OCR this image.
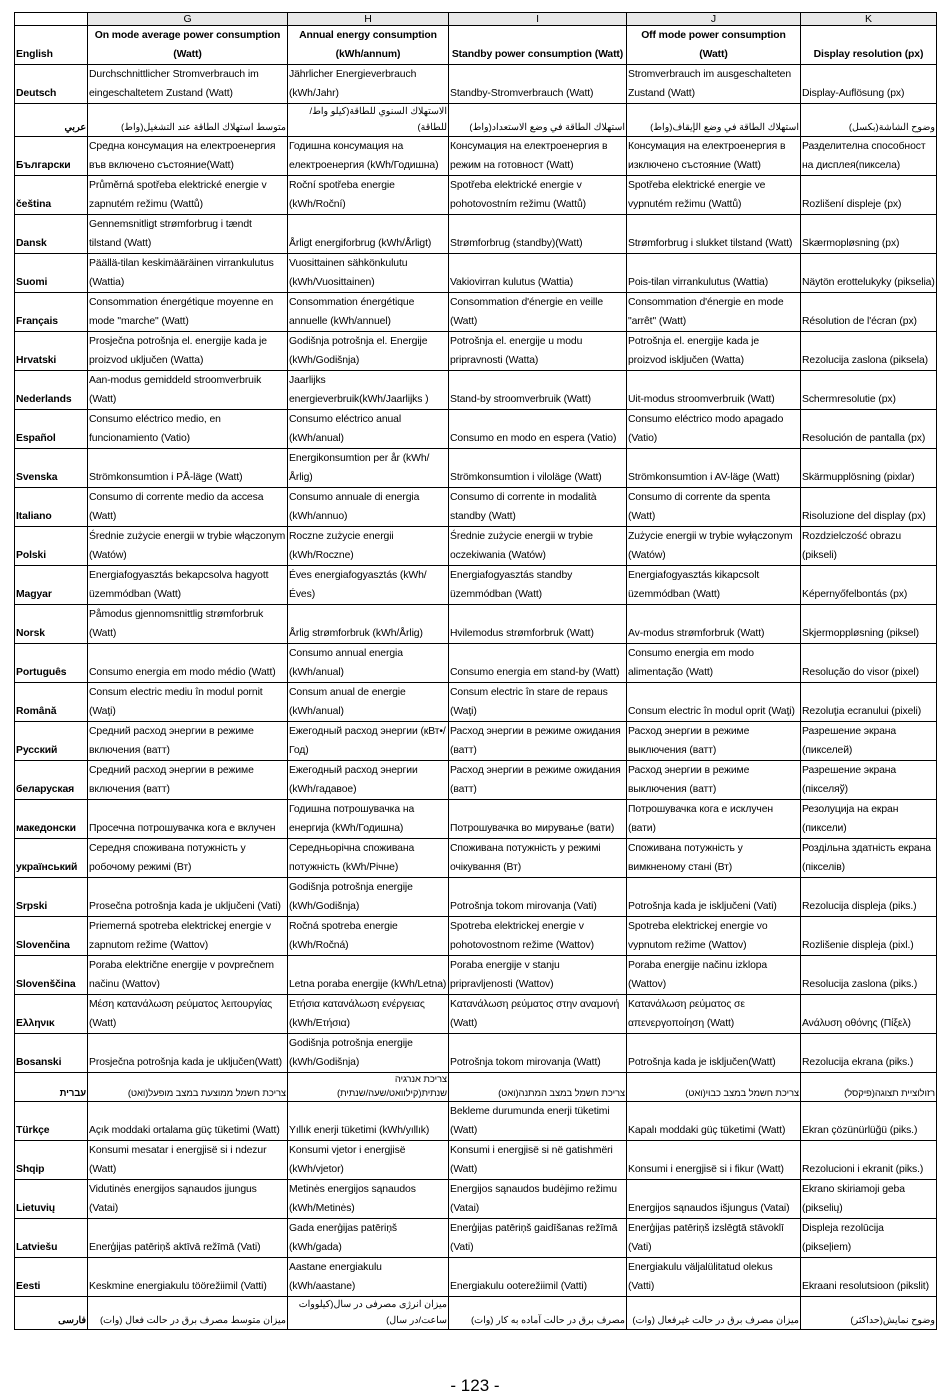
	G	H	I	J	K
English	On mode average power consumption (Watt)	Annual energy consumption (kWh/annum)	Standby power consumption (Watt)	Off mode power consumption (Watt)	Display resolution (px)
Deutsch	Durchschnittlicher Stromverbrauch im eingeschaltetem Zustand (Watt)	Jährlicher Energieverbrauch (kWh/Jahr)	Standby-Stromverbrauch (Watt)	Stromverbrauch im ausgeschalteten Zustand (Watt)	Display-Auflösung (px)
عربي	متوسط استهلاك الطاقة عند التشغيل(واط)	الاستهلاك السنوي للطاقة(كيلو واط/للطاقة)	استهلاك الطاقة في وضع الاستعداد(واط)	استهلاك الطاقة في وضع الإيقاف(واط)	وضوح الشاشة(بكسل)
Български	Средна консумация на електроенергия във включено състояние(Watt)	Годишна консумация на електроенергия (kWh/Годишна)	Консумация на електроенергия в режим на готовност (Watt)	Консумация на електроенергия в изключено състояние (Watt)	Разделителна способност на дисплея(пиксела)
čeština	Průměrná spotřeba elektrické energie v zapnutém režimu (Wattů)	Roční spotřeba energie (kWh/Roční)	Spotřeba elektrické energie v pohotovostním režimu (Wattů)	Spotřeba elektrické energie ve vypnutém režimu (Wattů)	Rozlišení displeje (px)
Dansk	Gennemsnitligt strømforbrug i tændt tilstand (Watt)	Årligt energiforbrug (kWh/Årligt)	Strømforbrug (standby)(Watt)	Strømforbrug i slukket tilstand (Watt)	Skærmopløsning (px)
Suomi	Päällä-tilan keskimääräinen virrankulutus (Wattia)	Vuosittainen sähkönkulutu (kWh/Vuosittainen)	Vakiovirran kulutus (Wattia)	Pois-tilan virrankulutus (Wattia)	Näytön erottelukyky (pikselia)
Français	Consommation énergétique moyenne en mode "marche" (Watt)	Consommation énergétique annuelle (kWh/annuel)	Consommation d'énergie en veille (Watt)	Consommation d'énergie en mode "arrêt" (Watt)	Résolution de l'écran (px)
Hrvatski	Prosječna potrošnja el. energije kada je proizvod uključen (Watta)	Godišnja potrošnja el. Energije (kWh/Godišnja)	Potrošnja el. energije u modu pripravnosti (Watta)	Potrošnja el. energije kada je proizvod isključen (Watta)	Rezolucija zaslona (piksela)
Nederlands	Aan-modus gemiddeld stroomverbruik (Watt)	Jaarlijks energieverbruik(kWh/Jaarlijks )	Stand-by stroomverbruik (Watt)	Uit-modus stroomverbruik (Watt)	Schermresolutie (px)
Español	Consumo eléctrico medio, en funcionamiento (Vatio)	Consumo eléctrico anual (kWh/anual)	Consumo en modo en espera (Vatio)	Consumo eléctrico modo apagado (Vatio)	Resolución de pantalla (px)
Svenska	Strömkonsumtion i PÅ-läge (Watt)	Energikonsumtion per år (kWh/Årlig)	Strömkonsumtion i viloläge (Watt)	Strömkonsumtion i AV-läge (Watt)	Skärmupplösning (pixlar)
Italiano	Consumo di corrente medio da accesa (Watt)	Consumo annuale di energia (kWh/annuo)	Consumo di corrente in modalità standby (Watt)	Consumo di corrente da spenta (Watt)	Risoluzione del display (px)
Polski	Średnie zużycie energii w trybie włączonym (Watów)	Roczne zużycie energii (kWh/Roczne)	Średnie zużycie energii w trybie oczekiwania (Watów)	Zużycie energii w trybie wyłączonym (Watów)	Rozdzielczość obrazu (pikseli)
Magyar	Energiafogyasztás bekapcsolva hagyott üzemmódban (Watt)	Éves energiafogyasztás (kWh/Éves)	Energiafogyasztás standby üzemmódban (Watt)	Energiafogyasztás kikapcsolt üzemmódban (Watt)	Képernyőfelbontás (px)
Norsk	Påmodus gjennomsnittlig strømforbruk (Watt)	Årlig strømforbruk (kWh/Årlig)	Hvilemodus strømforbruk (Watt)	Av-modus strømforbruk (Watt)	Skjermoppløsning (piksel)
Português	Consumo energia em modo médio (Watt)	Consumo annual energia (kWh/anual)	Consumo energia em stand-by (Watt)	Consumo energia em modo alimentação (Watt)	Resolução do visor (pixel)
Română	Consum electric mediu în modul pornit (Waţi)	Consum anual de energie (kWh/anual)	Consum electric în stare de repaus (Waţi)	Consum electric în modul oprit (Waţi)	Rezoluţia ecranului (pixeli)
Русский	Средний расход энергии в режиме включения (ватт)	Ежегодный расход энергии (кВт•/Год)	Расход энергии в режиме ожидания (ватт)	Расход энергии в режиме выключения (ватт)	Разрешение экрана (пикселей)
беларуская	Средний расход энергии в режиме включения (ватт)	Ежегодный расход энергии (kWh/гадавое)	Расход энергии в режиме ожидания (ватт)	Расход энергии в режиме выключения (ватт)	Разрешение экрана (пікселяў)
македонски	Просечна потрошувачка кога е вклучен	Годишна потрошувачка на енергија (kWh/Годишна)	Потрошувачка во мирување (вати)	Потрошувачка кога е исклучен (вати)	Резолуција на екран (пиксели)
український	Середня споживана потужність у робочому режимі (Вт)	Середньорічна споживана потужність (kWh/Річне)	Споживана потужність у режимі очікування (Вт)	Споживана потужність у вимкненому стані (Вт)	Роздільна здатність екрана (пікселів)
Srpski	Prosečna potrošnja kada je uključeni (Vati)	Godišnja potrošnja energije (kWh/Godišnja)	Potrošnja tokom mirovanja (Vati)	Potrošnja kada je isključeni (Vati)	Rezolucija displeja (piks.)
Slovenčina	Priemerná spotreba elektrickej energie v zapnutom režime (Wattov)	Ročná spotreba energie (kWh/Ročná)	Spotreba elektrickej energie v pohotovostnom režime (Wattov)	Spotreba elektrickej energie vo vypnutom režime (Wattov)	Rozlišenie displeja (pixl.)
Slovenščina	Poraba električne energije v povprečnem načinu (Wattov)	Letna poraba energije (kWh/Letna)	Poraba energije v stanju pripravljenosti (Wattov)	Poraba energije načinu izklopa (Wattov)	Resolucija zaslona (piks.)
Ελληνικ	Μέση κατανάλωση ρεύματος λειτουργίας (Watt)	Ετήσια κατανάλωση ενέργειας (kWh/Ετήσια)	Κατανάλωση ρεύματος στην αναμονή (Watt)	Κατανάλωση ρεύματος σε απενεργοποίηση (Watt)	Ανάλυση οθόνης (Πίξελ)
Bosanski	Prosječna potrošnja kada je uključen(Watt)	Godišnja potrošnja energije (kWh/Godišnja)	Potrošnja tokom mirovanja (Watt)	Potrošnja kada je isključen(Watt)	Rezolucija ekrana (piks.)
עברית	צריכת חשמל ממוצעת במצב מופעל(ואט)	צריכת אנרגיה שנתית(קילוואט/שעה/שנתית)	צריכת חשמל במצב המתנה(ואט)	צריכת חשמל במצב כבוי(ואט)	רזולוציית תצוגה(פיקסל)
Türkçe	Açık moddaki ortalama güç tüketimi (Watt)	Yıllık enerji tüketimi (kWh/yıllık)	Bekleme durumunda enerji tüketimi (Watt)	Kapalı moddaki güç tüketimi (Watt)	Ekran çözünürlüğü (piks.)
Shqip	Konsumi mesatar i energjisë si i ndezur (Watt)	Konsumi vjetor i energjisë (kWh/vjetor)	Konsumi i energjisë si në gatishmëri (Watt)	Konsumi i energjisë si i fikur (Watt)	Rezolucioni i ekranit (piks.)
Lietuvių	Vidutinės energijos sąnaudos įjungus (Vatai)	Metinės energijos sąnaudos (kWh/Metinės)	Energijos sąnaudos budėjimo režimu (Vatai)	Energijos sąnaudos išjungus (Vatai)	Ekrano skiriamoji geba (pikselių)
Latviešu	Enerģijas patēriņš aktīvā režīmā (Vati)	Gada enerģijas patēriņš (kWh/gada)	Enerģijas patēriņš gaidīšanas režīmā (Vati)	Enerģijas patēriņš izslēgtā stāvoklī (Vati)	Displeja rezolūcija (pikseļiem)
Eesti	Keskmine energiakulu töörežiimil (Vatti)	Aastane energiakulu (kWh/aastane)	Energiakulu ooterežiimil (Vatti)	Energiakulu väljalülitatud olekus (Vatti)	Ekraani resolutsioon (pikslit)
فارسی	میزان متوسط مصرف برق در حالت فعال (وات)	میزان انرژی مصرفی در سال(کیلووات ساعت/در سال)	مصرف برق در حالت آماده به کار (وات)	میزان مصرف برق در حالت غیرفعال (وات)	وضوح نمایش(حداکثر)
- 123 -
